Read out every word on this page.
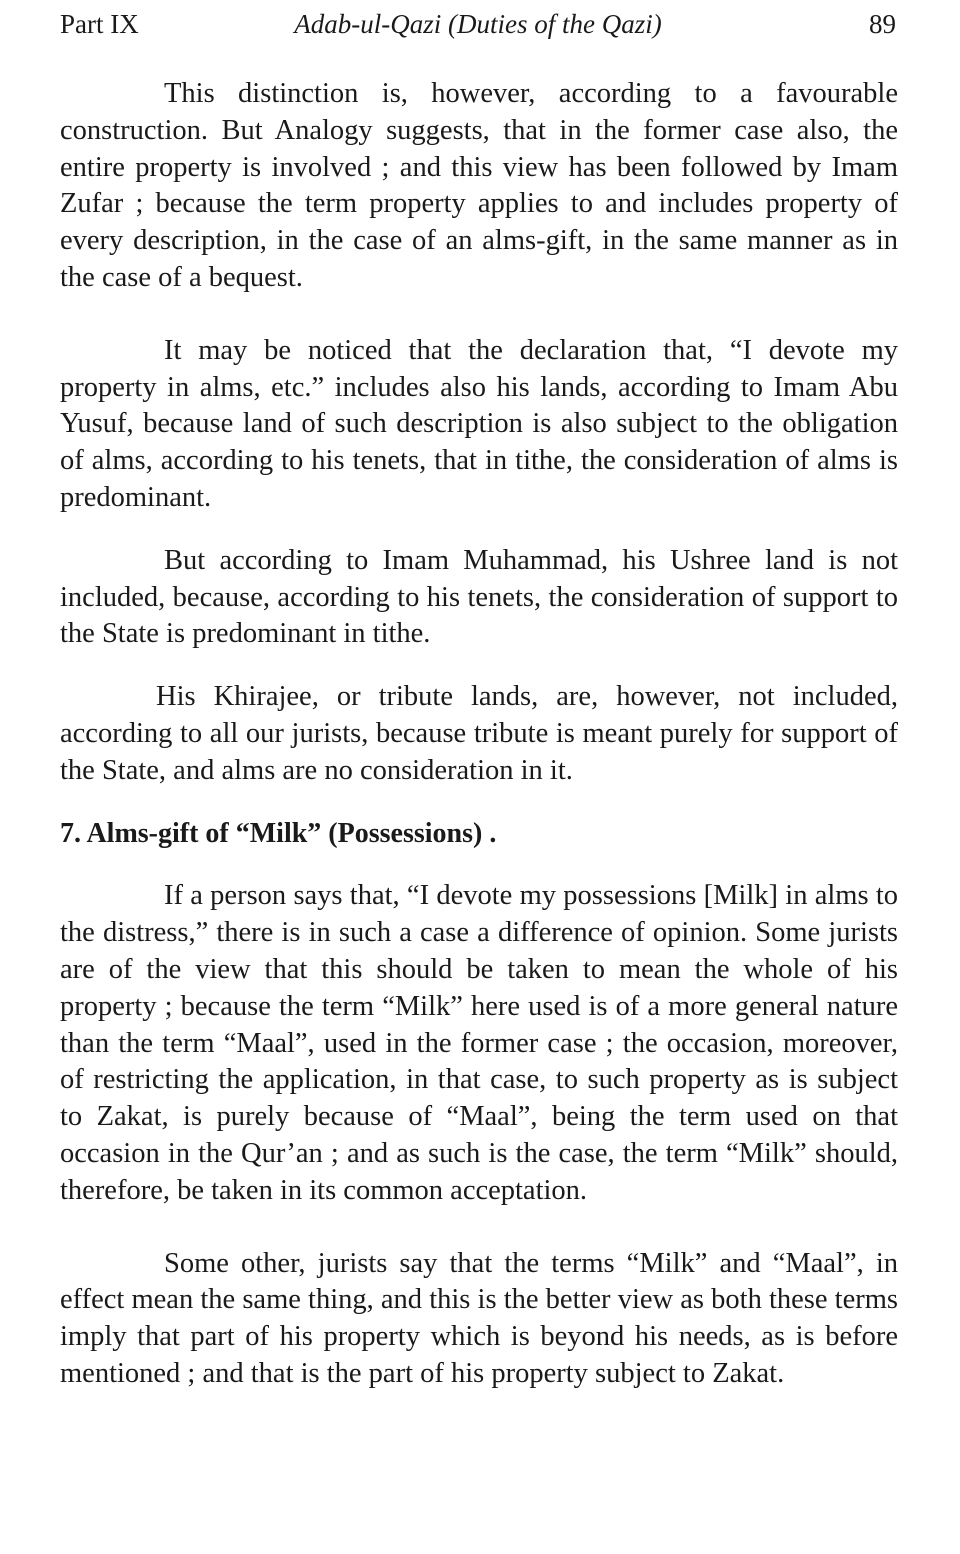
Part IX	Adab-ul-Qazi (Duties of the Qazi)	89

This distinction is, however, according to a favourable construction. But Analogy suggests, that in the former case also, the entire property is involved ; and this view has been followed by Imam Zufar ; because the term property applies to and includes property of every description, in the case of an alms-gift, in the same manner as in the case of a bequest.

It may be noticed that the declaration that, “I devote my property in alms, etc.” includes also his lands, according to Imam Abu Yusuf, because land of such description is also subject to the obligation of alms, according to his tenets, that in tithe, the consideration of alms is predominant.

But according to Imam Muhammad, his Ushree land is not included, because, according to his tenets, the consideration of support to the State is predominant in tithe.

His Khirajee, or tribute lands, are, however, not included, according to all our jurists, because tribute is meant purely for support of the State, and alms are no consideration in it.

7. Alms-gift of “Milk” (Possessions) .

If a person says that, “I devote my possessions [Milk] in alms to the distress,” there is in such a case a difference of opinion. Some jurists are of the view that this should be taken to mean the whole of his property ; because the term “Milk” here used is of a more general nature than the term “Maal”, used in the former case ; the occasion, moreover, of restricting the application, in that case, to such property as is subject to Zakat, is purely because of “Maal”, being the term used on that occasion in the Qur’an ; and as such is the case, the term “Milk” should, therefore, be taken in its common acceptation.

Some other, jurists say that the terms “Milk” and “Maal”, in effect mean the same thing, and this is the better view as both these terms imply that part of his property which is beyond his needs, as is before mentioned ; and that is the part of his property subject to Zakat.
